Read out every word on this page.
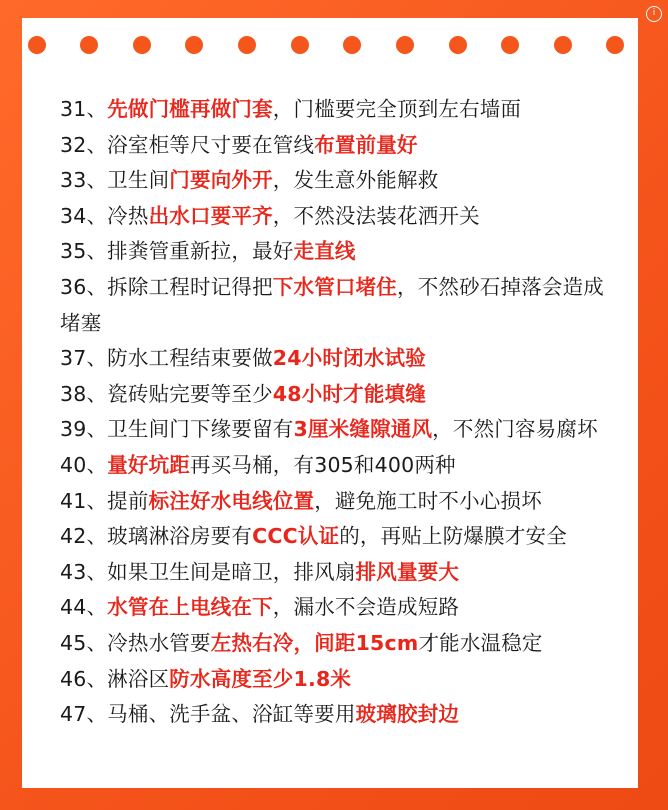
i
31、先做门槛再做门套，门槛要完全顶到左右墙面
32、浴室柜等尺寸要在管线布置前量好
33、卫生间门要向外开，发生意外能解救
34、冷热出水口要平齐，不然没法装花洒开关
35、排粪管重新拉，最好走直线
36、拆除工程时记得把下水管口堵住，不然砂石掉落会造成堵塞
37、防水工程结束要做24小时闭水试验
38、瓷砖贴完要等至少48小时才能填缝
39、卫生间门下缘要留有3厘米缝隙通风，不然门容易腐坏
40、量好坑距再买马桶，有305和400两种
41、提前标注好水电线位置，避免施工时不小心损坏
42、玻璃淋浴房要有CCC认证的，再贴上防爆膜才安全
43、如果卫生间是暗卫，排风扇排风量要大
44、水管在上电线在下，漏水不会造成短路
45、冷热水管要左热右冷，间距15cm才能水温稳定
46、淋浴区防水高度至少1.8米
47、马桶、洗手盆、浴缸等要用玻璃胶封边
